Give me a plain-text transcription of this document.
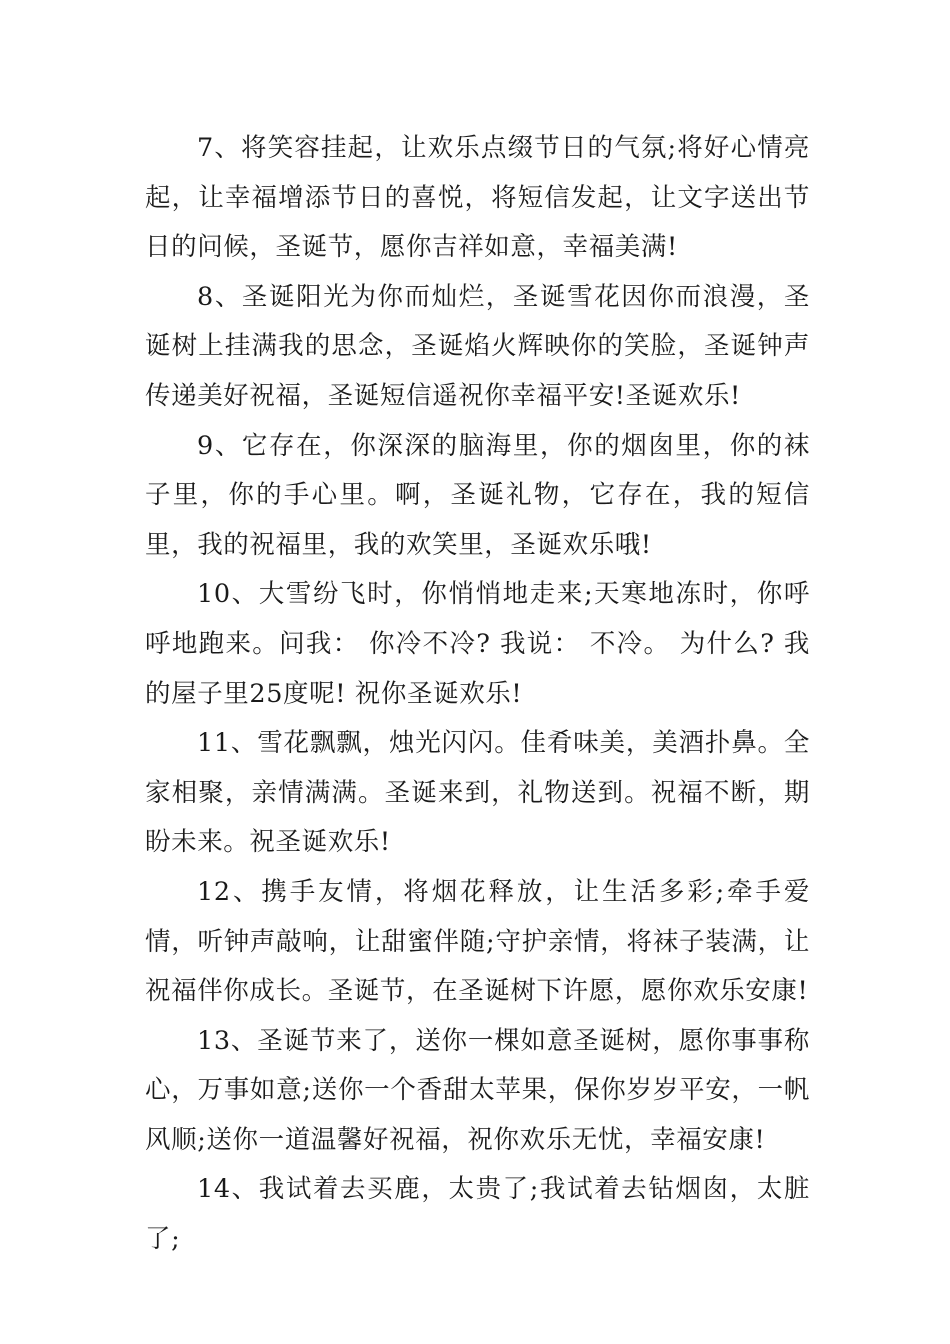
7、将笑容挂起，让欢乐点缀节日的气氛;将好心情亮起，让幸福增添节日的喜悦，将短信发起，让文字送出节日的问候，圣诞节，愿你吉祥如意，幸福美满!

8、圣诞阳光为你而灿烂，圣诞雪花因你而浪漫，圣诞树上挂满我的思念，圣诞焰火辉映你的笑脸，圣诞钟声传递美好祝福，圣诞短信遥祝你幸福平安!圣诞欢乐!

9、它存在，你深深的脑海里，你的烟囱里，你的袜子里，你的手心里。啊，圣诞礼物，它存在，我的短信里，我的祝福里，我的欢笑里，圣诞欢乐哦!

10、大雪纷飞时，你悄悄地走来;天寒地冻时，你呼呼地跑来。问我： 你冷不冷? 我说： 不冷。 为什么? 我的屋子里25度呢! 祝你圣诞欢乐!

11、雪花飘飘，烛光闪闪。佳肴味美，美酒扑鼻。全家相聚，亲情满满。圣诞来到，礼物送到。祝福不断，期盼未来。祝圣诞欢乐!

12、携手友情，将烟花释放，让生活多彩;牵手爱情，听钟声敲响，让甜蜜伴随;守护亲情，将袜子装满，让祝福伴你成长。圣诞节，在圣诞树下许愿，愿你欢乐安康!

13、圣诞节来了，送你一棵如意圣诞树，愿你事事称心，万事如意;送你一个香甜太苹果，保你岁岁平安，一帆风顺;送你一道温馨好祝福，祝你欢乐无忧，幸福安康!

14、我试着去买鹿，太贵了;我试着去钻烟囱，太脏了;
